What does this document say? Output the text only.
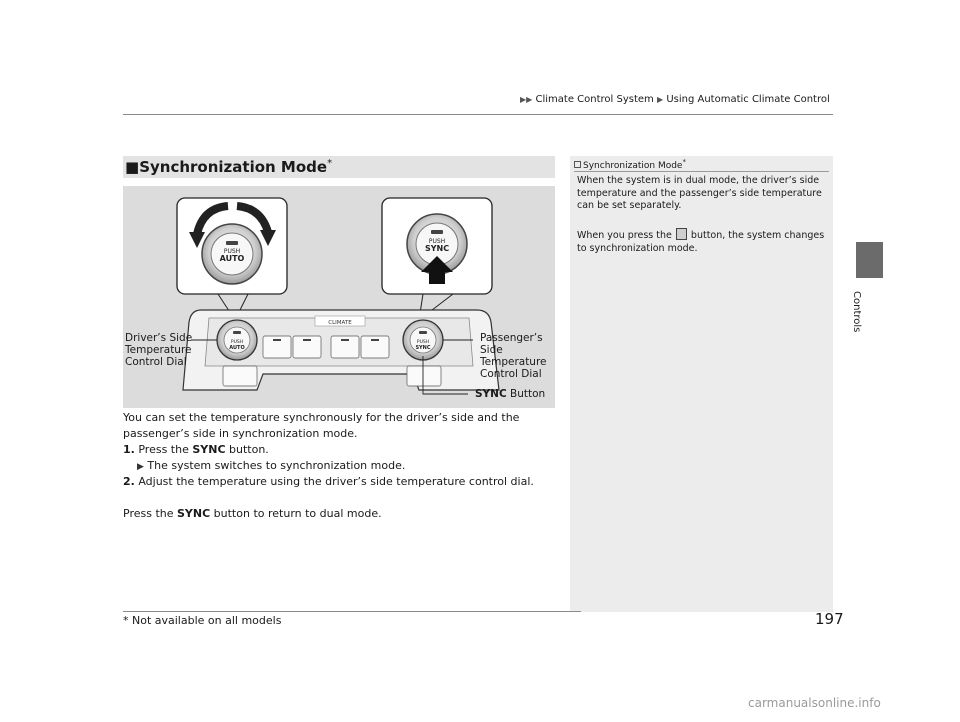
▶▶ Climate Control System ▶ Using Automatic Climate Control
Controls
■Synchronization Mode*
PUSH
AUTO
PUSH
SYNC
CLIMATE
PUSH
AUTO
PUSH
SYNC
Driver’s Side
Temperature
Control Dial
Passenger’s
Side
Temperature
Control Dial
SYNC Button
You can set the temperature synchronously for the driver’s side and the passenger’s side in synchronization mode.
1. Press the SYNC button.
▶ The system switches to synchronization mode.
2. Adjust the temperature using the driver’s side temperature control dial.
Press the SYNC button to return to dual mode.
Synchronization Mode*
When the system is in dual mode, the driver’s side temperature and the passenger’s side temperature can be set separately.
When you press the button, the system changes to synchronization mode.
* Not available on all models	197
carmanualsonline.info
